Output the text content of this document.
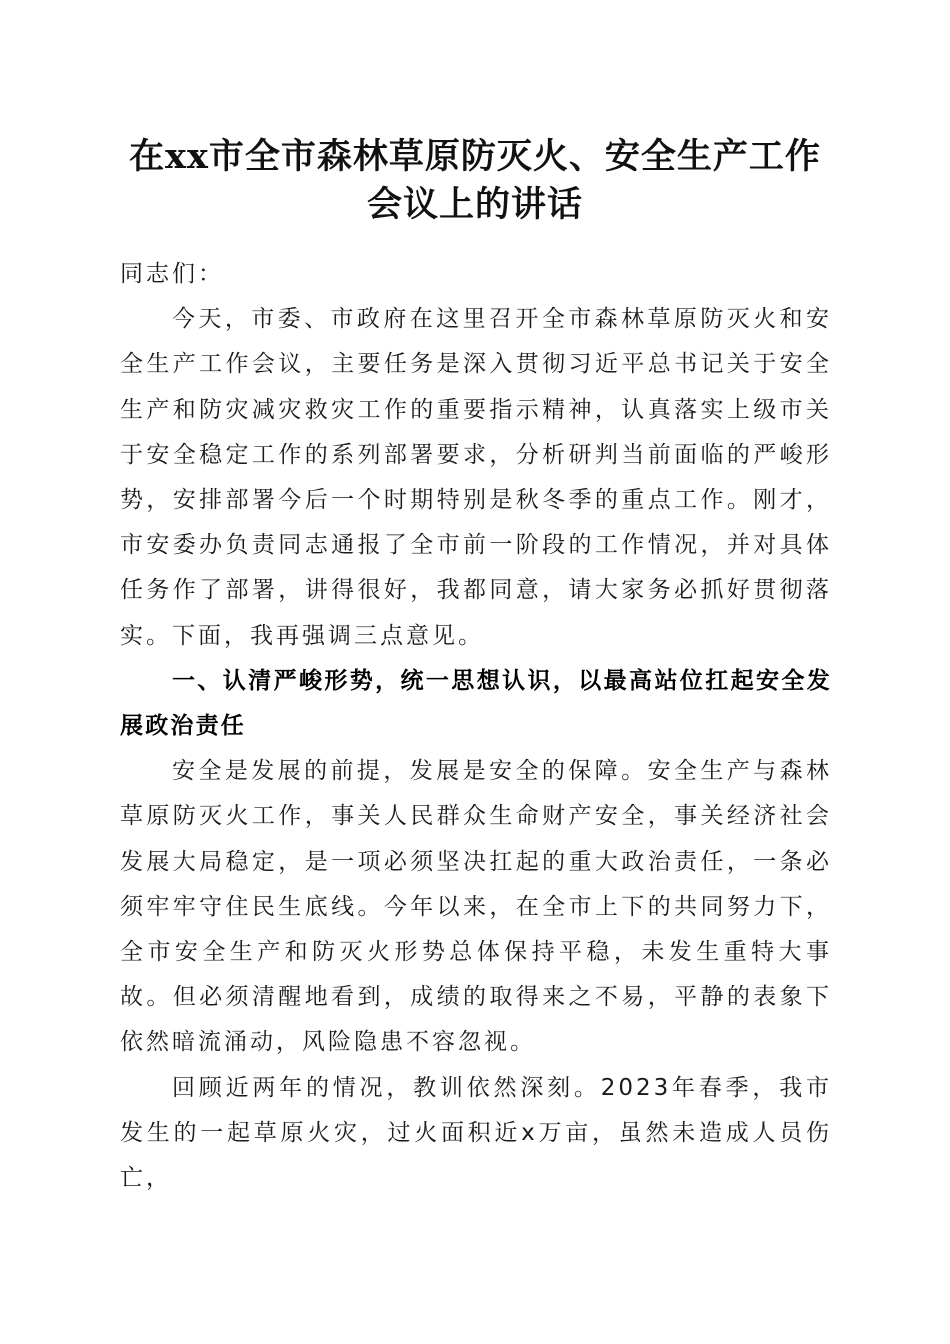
在xx市全市森林草原防灭火、安全生产工作
会议上的讲话

同志们：

今天，市委、市政府在这里召开全市森林草原防灭火和安全生产工作会议，主要任务是深入贯彻习近平总书记关于安全生产和防灾减灾救灾工作的重要指示精神，认真落实上级市关于安全稳定工作的系列部署要求，分析研判当前面临的严峻形势，安排部署今后一个时期特别是秋冬季的重点工作。刚才，市安委办负责同志通报了全市前一阶段的工作情况，并对具体任务作了部署，讲得很好，我都同意，请大家务必抓好贯彻落实。下面，我再强调三点意见。

一、认清严峻形势，统一思想认识，以最高站位扛起安全发展政治责任

安全是发展的前提，发展是安全的保障。安全生产与森林草原防灭火工作，事关人民群众生命财产安全，事关经济社会发展大局稳定，是一项必须坚决扛起的重大政治责任，一条必须牢牢守住民生底线。今年以来，在全市上下的共同努力下，全市安全生产和防灭火形势总体保持平稳，未发生重特大事故。但必须清醒地看到，成绩的取得来之不易，平静的表象下依然暗流涌动，风险隐患不容忽视。

回顾近两年的情况，教训依然深刻。2023年春季，我市发生的一起草原火灾，过火面积近x万亩，虽然未造成人员伤亡，
